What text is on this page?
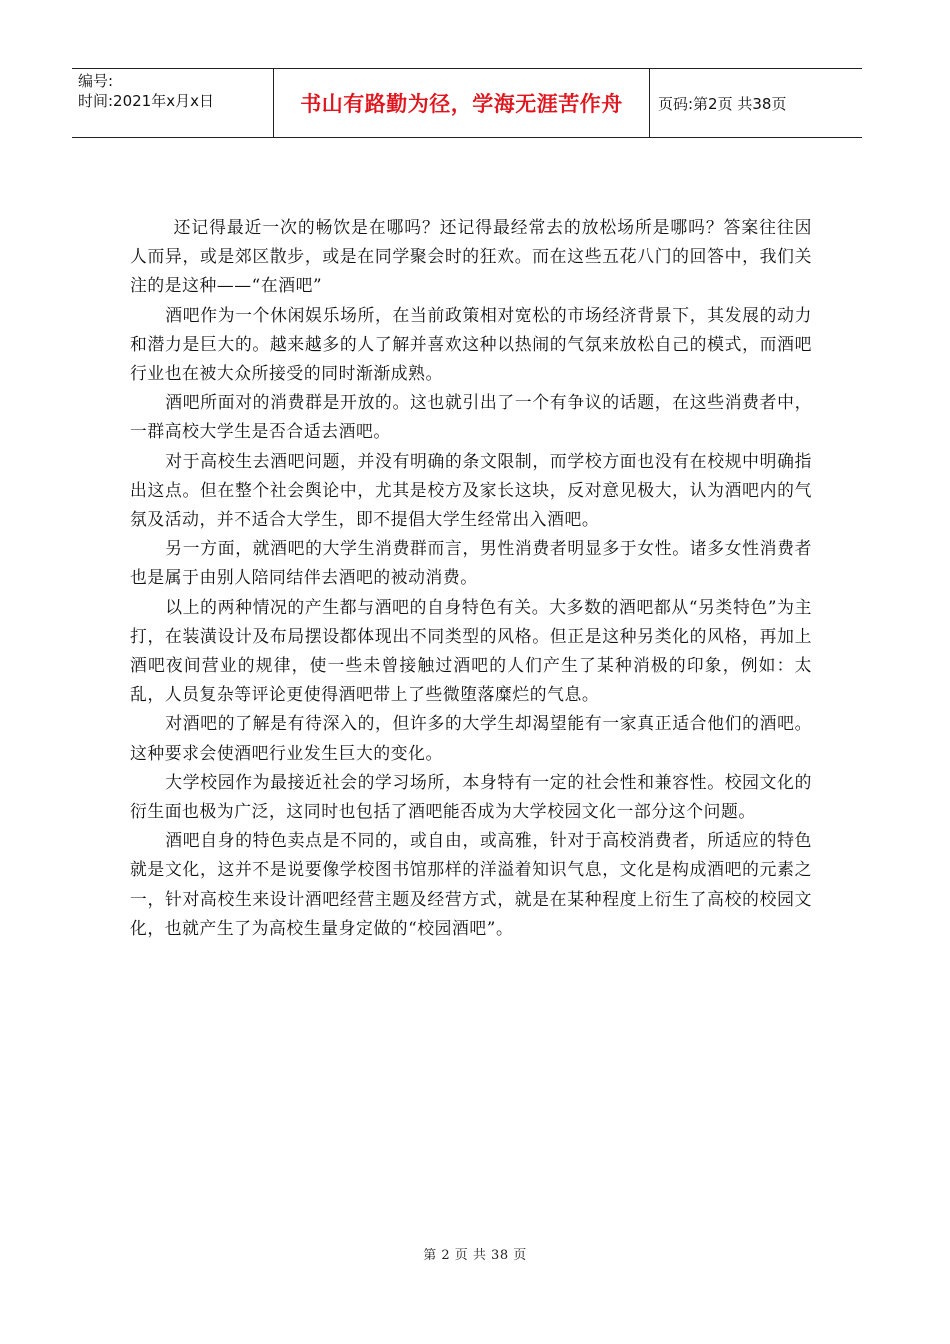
编号:
时间:2021年x月x日	书山有路勤为径，学海无涯苦作舟 页码:第2页 共38页

还记得最近一次的畅饮是在哪吗？还记得最经常去的放松场所是哪吗？答案往往因人而异，或是郊区散步，或是在同学聚会时的狂欢。而在这些五花八门的回答中，我们关注的是这种——“在酒吧”

酒吧作为一个休闲娱乐场所，在当前政策相对宽松的市场经济背景下，其发展的动力和潜力是巨大的。越来越多的人了解并喜欢这种以热闹的气氛来放松自己的模式，而酒吧行业也在被大众所接受的同时渐渐成熟。

酒吧所面对的消费群是开放的。这也就引出了一个有争议的话题，在这些消费者中，一群高校大学生是否合适去酒吧。

对于高校生去酒吧问题，并没有明确的条文限制，而学校方面也没有在校规中明确指出这点。但在整个社会舆论中，尤其是校方及家长这块，反对意见极大，认为酒吧内的气氛及活动，并不适合大学生，即不提倡大学生经常出入酒吧。

另一方面，就酒吧的大学生消费群而言，男性消费者明显多于女性。诸多女性消费者也是属于由别人陪同结伴去酒吧的被动消费。

以上的两种情况的产生都与酒吧的自身特色有关。大多数的酒吧都从“另类特色”为主打，在装潢设计及布局摆设都体现出不同类型的风格。但正是这种另类化的风格，再加上酒吧夜间营业的规律，使一些未曾接触过酒吧的人们产生了某种消极的印象，例如：太乱，人员复杂等评论更使得酒吧带上了些微堕落糜烂的气息。

对酒吧的了解是有待深入的，但许多的大学生却渴望能有一家真正适合他们的酒吧。这种要求会使酒吧行业发生巨大的变化。

大学校园作为最接近社会的学习场所，本身特有一定的社会性和兼容性。校园文化的衍生面也极为广泛，这同时也包括了酒吧能否成为大学校园文化一部分这个问题。

酒吧自身的特色卖点是不同的，或自由，或高雅，针对于高校消费者，所适应的特色就是文化，这并不是说要像学校图书馆那样的洋溢着知识气息，文化是构成酒吧的元素之一，针对高校生来设计酒吧经营主题及经营方式，就是在某种程度上衍生了高校的校园文化，也就产生了为高校生量身定做的“校园酒吧”。

第 2 页 共 38 页
